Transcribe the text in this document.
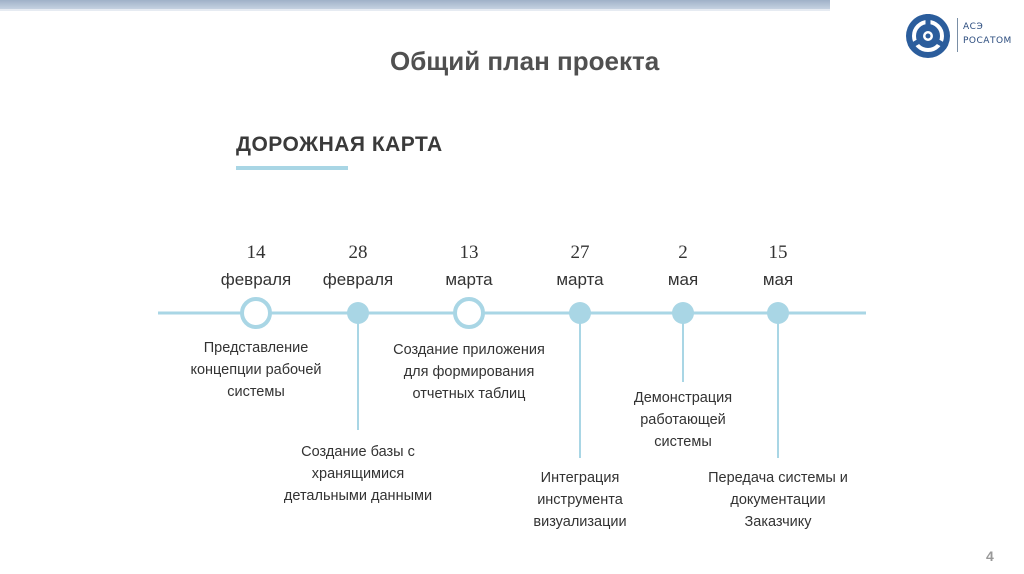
АСЭ
РОСАТОМ
Общий план проекта
ДОРОЖНАЯ КАРТА
14
февраля
Представление
концепции рабочей
системы
28
февраля
Создание базы с
хранящимися
детальными данными
13
марта
Создание приложения
для формирования
отчетных таблиц
27
марта
Интеграция
инструмента
визуализации
2
мая
Демонстрация
работающей
системы
15
мая
Передача системы и
документации
Заказчику
4
